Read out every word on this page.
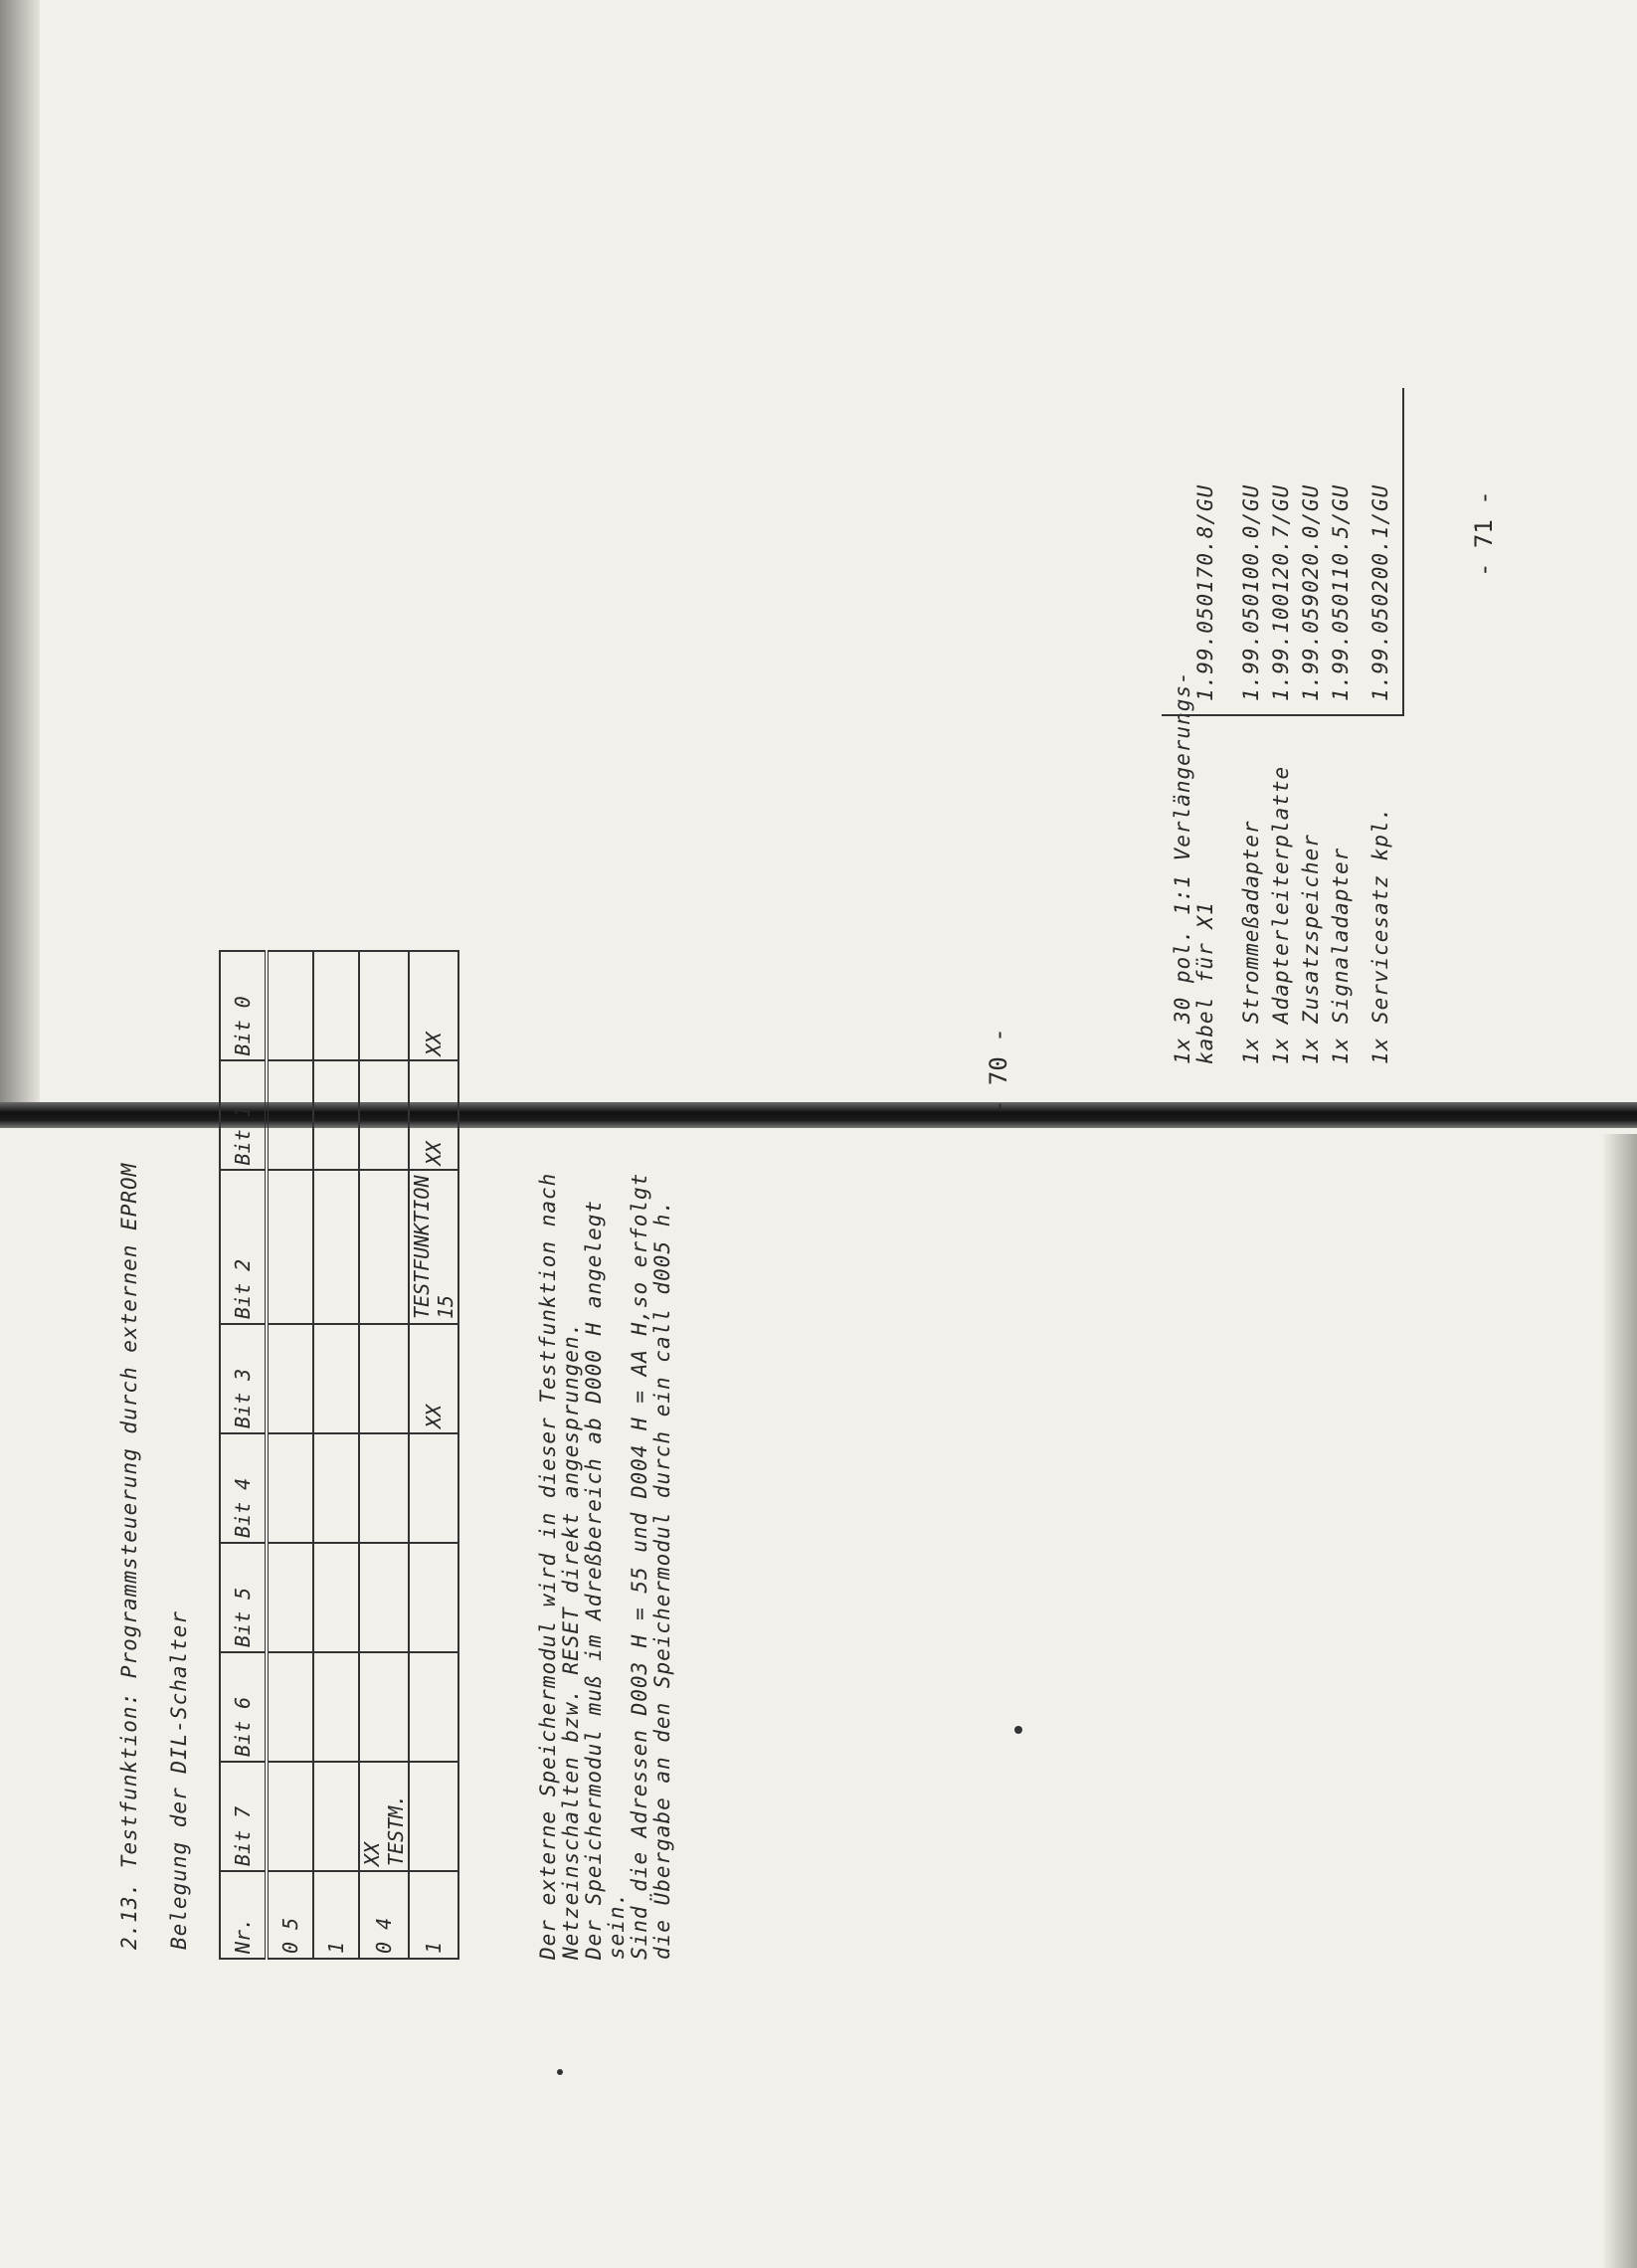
2.13. Testfunktion: Programmsteuerung durch externen EPROM Belegung der DIL-Schalter Nr.	Bit 7	Bit 6	Bit 5	Bit 4	Bit 3	Bit 2	Bit 1	Bit 0
0 5								
1								
0 4	XX TESTM.							
1					XX	TESTFUNKTION 15	XX	XX
Der externe Speichermodul wird in dieser Testfunktion nach Netzeinschalten bzw. RESET direkt angesprungen. Der Speichermodul muß im Adreßbereich ab D000 H angelegt sein. Sind die Adressen D003 H = 55 und D004 H = AA H,so erfolgt die Übergabe an den Speichermodul durch ein call d005 h.
- 70 -
1x 30 pol. 1:1 Verlängerungs- kabel für X1
1.99.050170.8/GU
1x Strommeßadapter
1.99.050100.0/GU
1x Adapterleiterplatte
1.99.100120.7/GU
1x Zusatzspeicher
1.99.059020.0/GU
1x Signaladapter
1.99.050110.5/GU
1x Servicesatz kpl.
1.99.050200.1/GU	- 71 -
